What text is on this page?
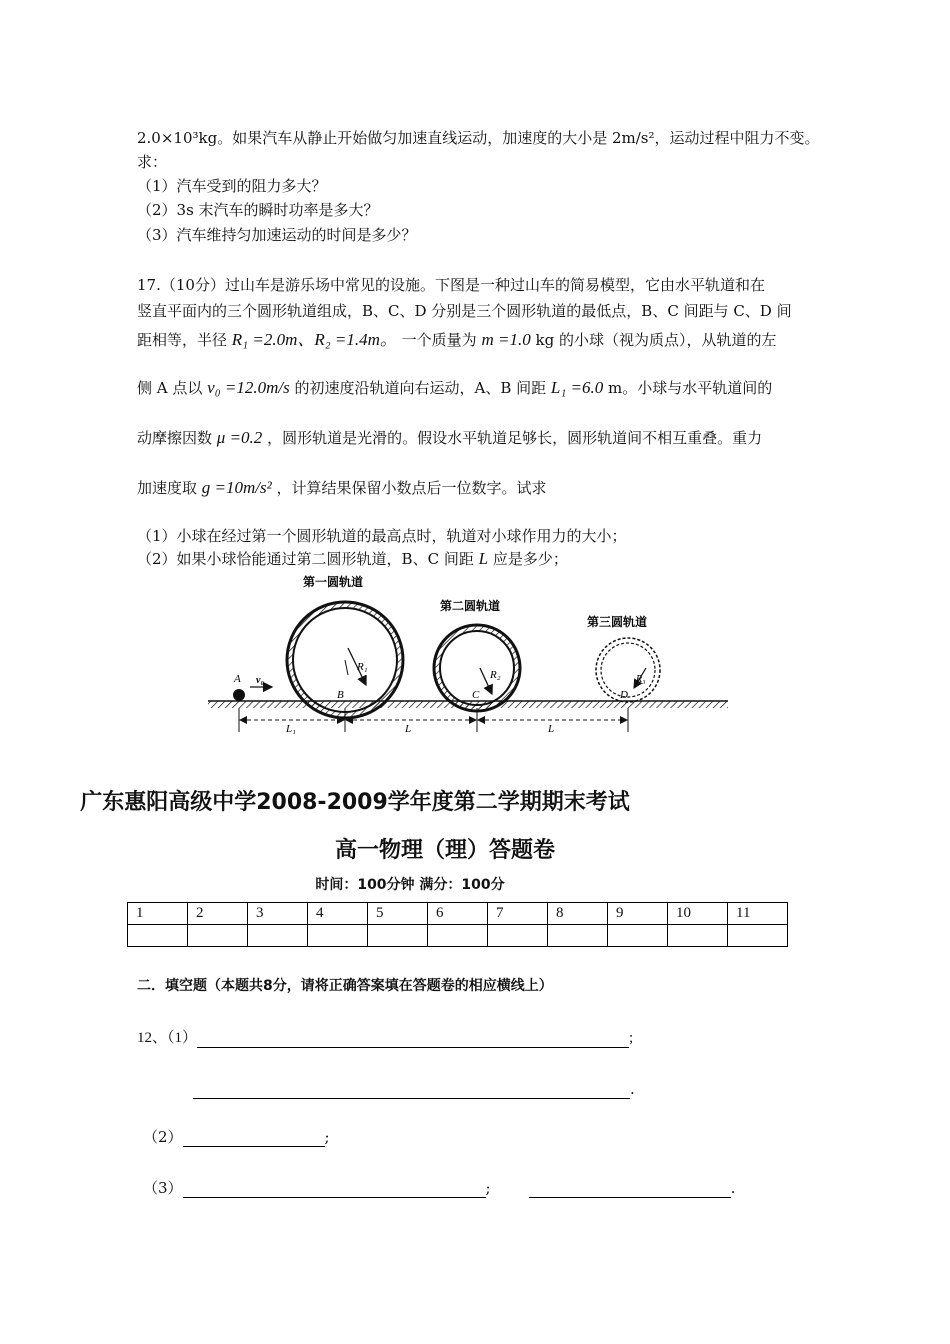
2.0×10³kg。如果汽车从静止开始做匀加速直线运动，加速度的大小是 2m/s²，运动过程中阻力不变。
求：
（1）汽车受到的阻力多大？
（2）3s 末汽车的瞬时功率是多大？
（3）汽车维持匀加速运动的时间是多少？
17.（10分）过山车是游乐场中常见的设施。下图是一种过山车的简易模型，它由水平轨道和在
竖直平面内的三个圆形轨道组成，B、C、D 分别是三个圆形轨道的最低点，B、C 间距与 C、D 间
距相等，半径 R₁ =2.0m、R₂ =1.4m。 一个质量为 m =1.0 kg 的小球（视为质点），从轨道的左
侧 A 点以 v₀ =12.0m/s 的初速度沿轨道向右运动，A、B 间距 L₁ =6.0 m。小球与水平轨道间的
动摩擦因数 μ =0.2 ，圆形轨道是光滑的。假设水平轨道足够长，圆形轨道间不相互重叠。重力
加速度取 g =10m/s² ，计算结果保留小数点后一位数字。试求
（1）小球在经过第一个圆形轨道的最高点时，轨道对小球作用力的大小；
（2）如果小球恰能通过第二圆形轨道，B、C 间距 L 应是多少；
R₁
第一圆轨道
R₂
第二圆轨道
R₃
第三圆轨道
A v₀
B	C	D
L₁	L	L
广东惠阳高级中学2008-2009学年度第二学期期末考试
高一物理（理）答题卷
时间：100分钟 满分：100分
1	2	3	4	5	6	7	8	9	10	11

二．填空题（本题共8分，请将正确答案填在答题卷的相应横线上）
12、（1）	;
.
（2）	;
（3）	;	.
